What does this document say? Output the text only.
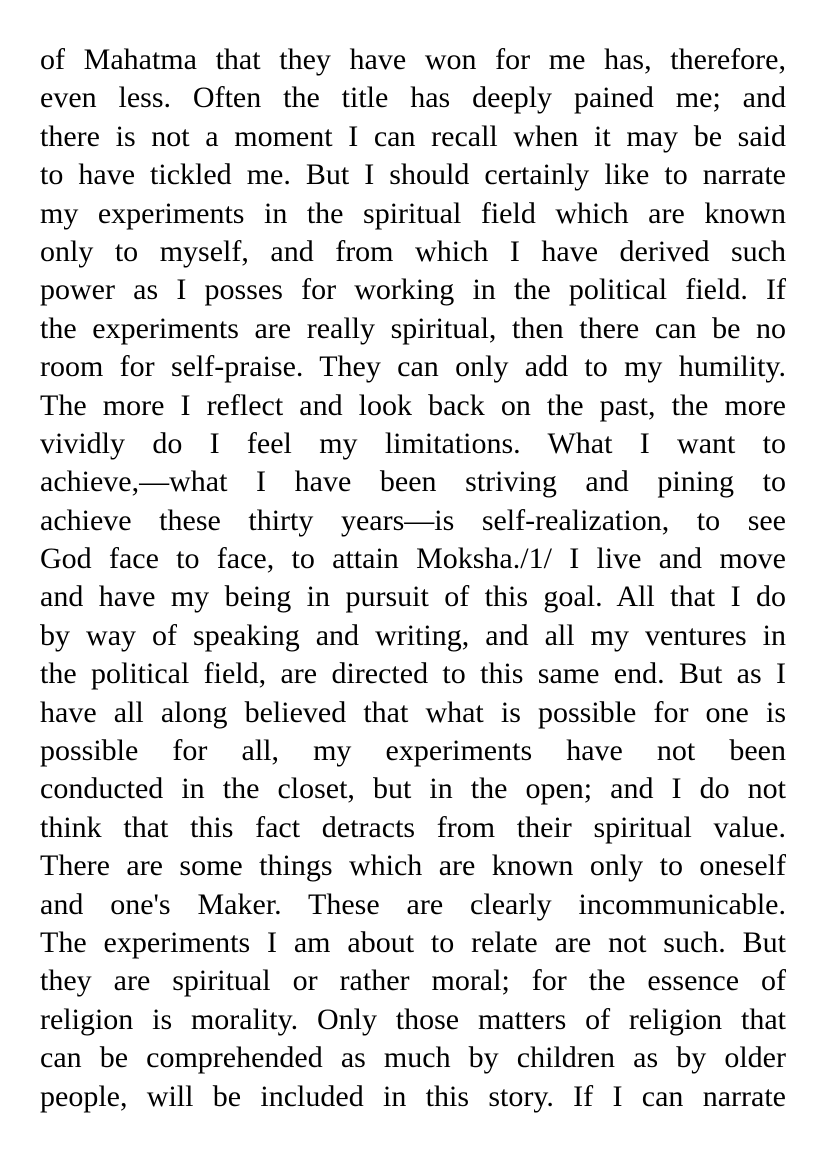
of Mahatma that they have won for me has, therefore,
even less. Often the title has deeply pained me; and
there is not a moment I can recall when it may be said
to have tickled me. But I should certainly like to narrate
my experiments in the spiritual field which are known
only to myself, and from which I have derived such
power as I posses for working in the political field. If
the experiments are really spiritual, then there can be no
room for self-praise. They can only add to my humility.
The more I reflect and look back on the past, the more
vividly do I feel my limitations. What I want to
achieve,—what I have been striving and pining to
achieve these thirty years—is self-realization, to see
God face to face, to attain Moksha./1/ I live and move
and have my being in pursuit of this goal. All that I do
by way of speaking and writing, and all my ventures in
the political field, are directed to this same end. But as I
have all along believed that what is possible for one is
possible for all, my experiments have not been
conducted in the closet, but in the open; and I do not
think that this fact detracts from their spiritual value.
There are some things which are known only to oneself
and one's Maker. These are clearly incommunicable.
The experiments I am about to relate are not such. But
they are spiritual or rather moral; for the essence of
religion is morality. Only those matters of religion that
can be comprehended as much by children as by older
people, will be included in this story. If I can narrate
